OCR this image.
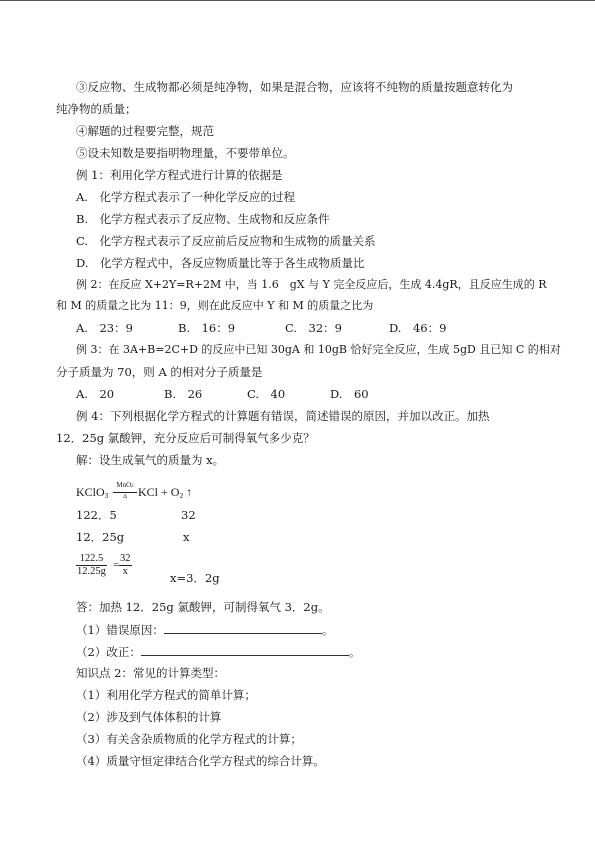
③反应物、生成物都必须是纯净物，如果是混合物，应该将不纯物的质量按题意转化为
纯净物的质量；
④解题的过程要完整，规范
⑤设未知数是要指明物理量，不要带单位。
例 1：利用化学方程式进行计算的依据是
A.　化学方程式表示了一种化学反应的过程
B.　化学方程式表示了反应物、生成物和反应条件
C.　化学方程式表示了反应前后反应物和生成物的质量关系
D.　化学方程式中，各反应物质量比等于各生成物质量比
例 2：在反应 X+2Y=R+2M 中，当 1.6　gX 与 Y 完全反应后，生成 4.4gR，且反应生成的 R
和 M 的质量之比为 11：9，则在此反应中 Y 和 M 的质量之比为
A.　23：9	B.　16：9	C.　32：9	D.　46：9
例 3：在 3A+B=2C+D 的反应中已知 30gA 和 10gB 恰好完全反应，生成 5gD 且已知 C 的相对
分子质量为 70，则 A 的相对分子质量是
A.　20	B.　26	C.　40	D.　60
例 4：下列根据化学方程式的计算题有错误，简述错误的原因，并加以改正。加热
12．25g 氯酸钾，充分反应后可制得氧气多少克？
解：设生成氧气的质量为 x。
KClO$_3$
MnO2
Δ KCl + $O_2$ ↑
122．5	32
12．25g	x
122.5
12.25g
=
32
x	x=3．2g
答：加热 12．25g 氯酸钾，可制得氧气 3．2g。
（1）错误原因：	。
（2）改正：	。
知识点 2：常见的计算类型：
（1）利用化学方程式的简单计算；
（2）涉及到气体体积的计算
（3）有关含杂质物质的化学方程式的计算；
（4）质量守恒定律结合化学方程式的综合计算。
